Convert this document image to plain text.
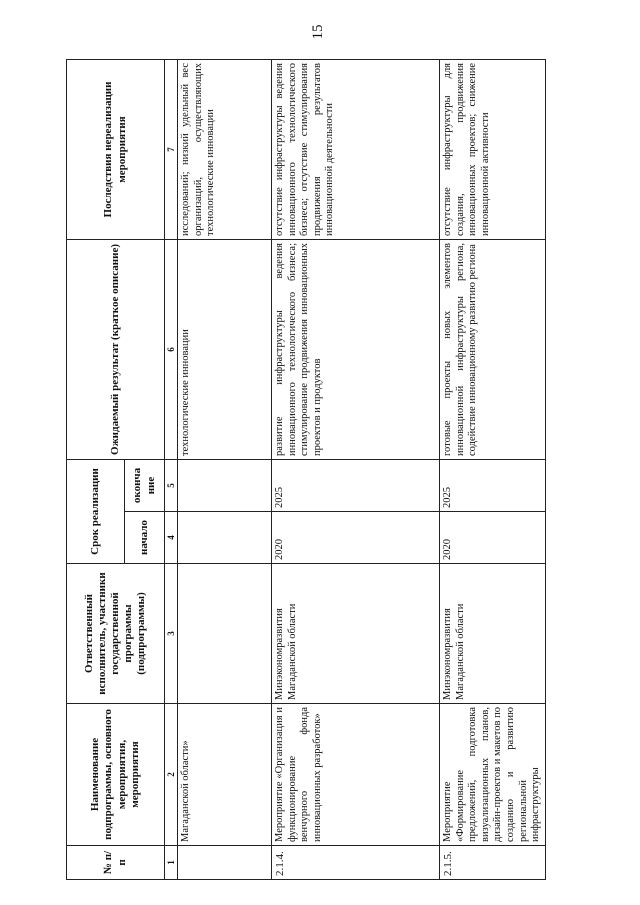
15
№ п/п	Наименование подпрограммы, основного мероприятия, мероприятия	Ответственный исполнитель, участники государственной программы (подпрограммы)	Срок реализации		Ожидаемый результат (краткое описание)	Последствия нереализации мероприятия
			начало	оконча ние		
1	2	3	4	5	6	7
	Магаданской области»				технологические инновации	исследований; низкий удельный вес организаций, осуществляющих технологические инновации
2.1.4.	Мероприятие «Организация и функционирование венчурного фонда инновационных разработок»	Минэкономразвития Магаданской области	2020	2025	развитие инфраструктуры ведения инновационного технологического бизнеса; стимулирование продвижения инновационных проектов и продуктов	отсутствие инфраструктуры ведения инновационного технологического бизнеса; отсутствие стимулирования продвижения результатов инновационной деятельности
2.1.5.	Мероприятие «Формирование предложений, подготовка визуализационных планов, дизайн-проектов и макетов по созданию и развитию региональной инфраструктуры	Минэкономразвития Магаданской области	2020	2025	готовые проекты новых элементов инновационной инфраструктуры региона, содействие инновационному развитию региона	отсутствие инфраструктуры для создания, продвижения инновационных проектов; снижение инновационной активности
